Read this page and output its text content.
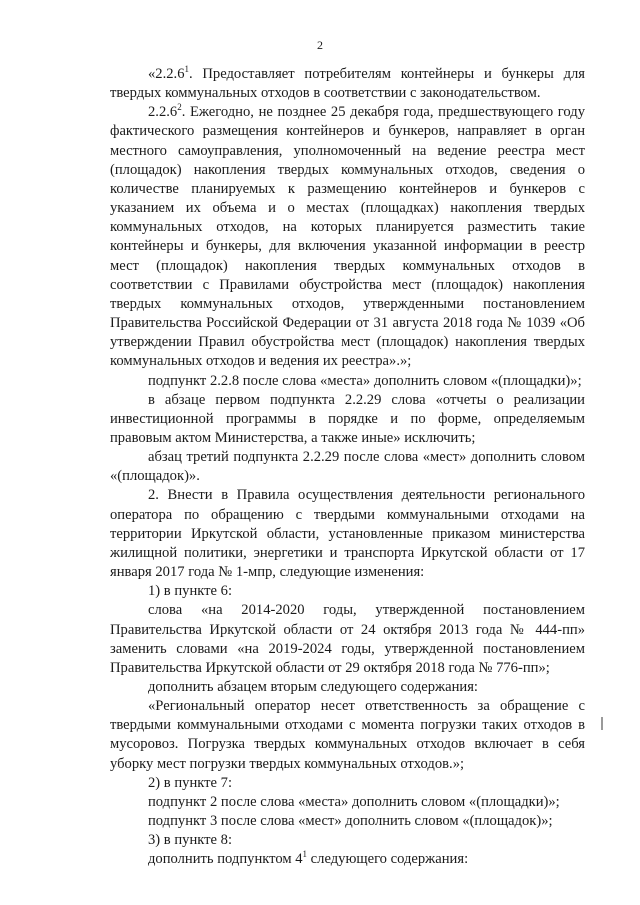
2

«2.2.6$^1$. Предоставляет потребителям контейнеры и бункеры для твердых коммунальных отходов в соответствии с законодательством.

2.2.6$^2$. Ежегодно, не позднее 25 декабря года, предшествующего году фактического размещения контейнеров и бункеров, направляет в орган местного самоуправления, уполномоченный на ведение реестра мест (площадок) накопления твердых коммунальных отходов, сведения о количестве планируемых к размещению контейнеров и бункеров с указанием их объема и о местах (площадках) накопления твердых коммунальных отходов, на которых планируется разместить такие контейнеры и бункеры, для включения указанной информации в реестр мест (площадок) накопления твердых коммунальных отходов в соответствии с Правилами обустройства мест (площадок) накопления твердых коммунальных отходов, утвержденными постановлением Правительства Российской Федерации от 31 августа 2018 года № 1039 «Об утверждении Правил обустройства мест (площадок) накопления твердых коммунальных отходов и ведения их реестра».»;

подпункт 2.2.8 после слова «места» дополнить словом «(площадки)»;

в абзаце первом подпункта 2.2.29 слова «отчеты о реализации инвестиционной программы в порядке и по форме, определяемым правовым актом Министерства, а также иные» исключить;

абзац третий подпункта 2.2.29 после слова «мест» дополнить словом «(площадок)».

2. Внести в Правила осуществления деятельности регионального оператора по обращению с твердыми коммунальными отходами на территории Иркутской области, установленные приказом министерства жилищной политики, энергетики и транспорта Иркутской области от 17 января 2017 года № 1-мпр, следующие изменения:

1) в пункте 6:

слова «на 2014-2020 годы, утвержденной постановлением Правительства Иркутской области от 24 октября 2013 года № 444-пп» заменить словами «на 2019-2024 годы, утвержденной постановлением Правительства Иркутской области от 29 октября 2018 года № 776-пп»;

дополнить абзацем вторым следующего содержания:

«Региональный оператор несет ответственность за обращение с твердыми коммунальными отходами с момента погрузки таких отходов в мусоровоз. Погрузка твердых коммунальных отходов включает в себя уборку мест погрузки твердых коммунальных отходов.»;

2) в пункте 7:

подпункт 2 после слова «места» дополнить словом «(площадки)»;

подпункт 3 после слова «мест» дополнить словом «(площадок)»;

3) в пункте 8:

дополнить подпунктом $4^1$ следующего содержания:
